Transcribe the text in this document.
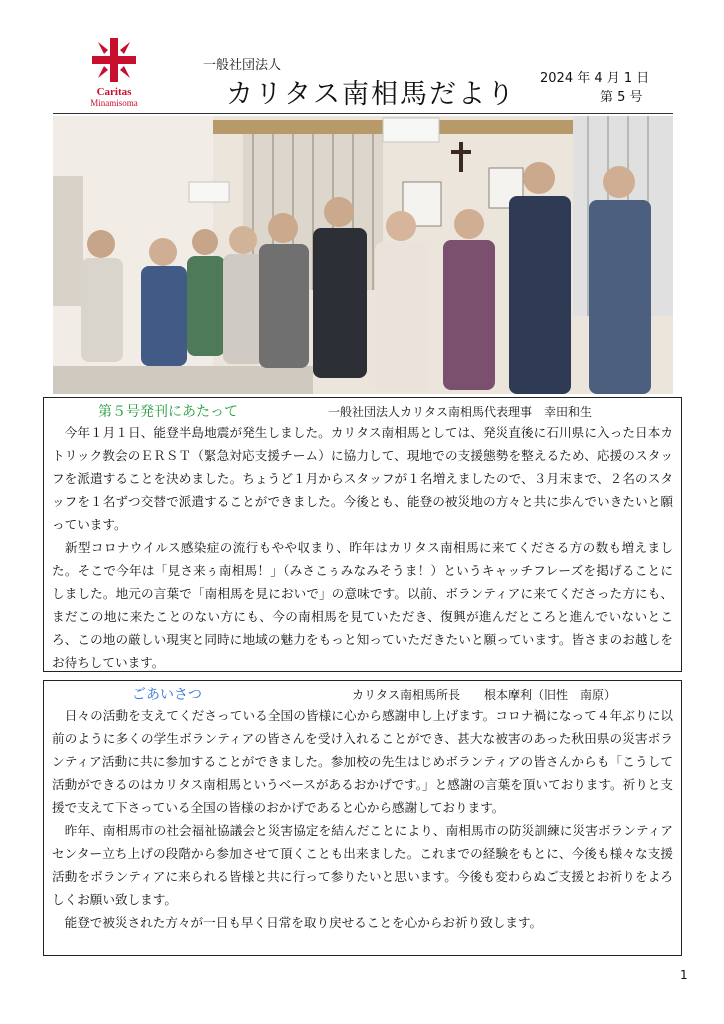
Caritas
Minamisoma
一般社団法人
カリタス南相馬だより
2024 年 4 月 1 日
第 5 号
第５号発刊にあたって	一般社団法人カリタス南相馬代表理事　幸田和生

　今年１月１日、能登半島地震が発生しました。カリタス南相馬としては、発災直後に石川県に入った日本カトリック教会のＥＲＳＴ（緊急対応支援チーム）に協力して、現地での支援態勢を整えるため、応援のスタッフを派遣することを決めました。ちょうど１月からスタッフが１名増えましたので、３月末まで、２名のスタッフを１名ずつ交替で派遣することができました。今後とも、能登の被災地の方々と共に歩んでいきたいと願っています。

　新型コロナウイルス感染症の流行もやや収まり、昨年はカリタス南相馬に来てくださる方の数も増えました。そこで今年は「見さ来ぅ南相馬！」（みさこぅみなみそうま！）というキャッチフレーズを掲げることにしました。地元の言葉で「南相馬を見においで」の意味です。以前、ボランティアに来てくださった方にも、まだこの地に来たことのない方にも、今の南相馬を見ていただき、復興が進んだところと進んでいないところ、この地の厳しい現実と同時に地域の魅力をもっと知っていただきたいと願っています。皆さまのお越しをお待ちしています。

ごあいさつ	カリタス南相馬所長　　根本摩利（旧性　南原）

　日々の活動を支えてくださっている全国の皆様に心から感謝申し上げます。コロナ禍になって４年ぶりに以前のように多くの学生ボランティアの皆さんを受け入れることができ、甚大な被害のあった秋田県の災害ボランティア活動に共に参加することができました。参加校の先生はじめボランティアの皆さんからも「こうして活動ができるのはカリタス南相馬というベースがあるおかげです。」と感謝の言葉を頂いております。祈りと支援で支えて下さっている全国の皆様のおかげであると心から感謝しております。

　昨年、南相馬市の社会福祉協議会と災害協定を結んだことにより、南相馬市の防災訓練に災害ボランティアセンター立ち上げの段階から参加させて頂くことも出来ました。これまでの経験をもとに、今後も様々な支援活動をボランティアに来られる皆様と共に行って参りたいと思います。今後も変わらぬご支援とお祈りをよろしくお願い致します。

　能登で被災された方々が一日も早く日常を取り戻せることを心からお祈り致します。

1
